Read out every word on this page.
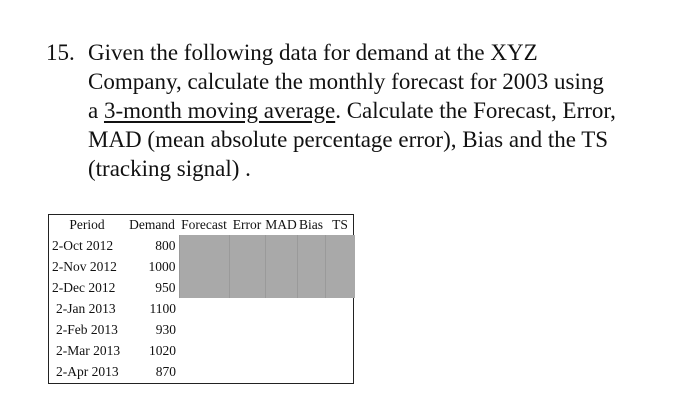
15. Given the following data for demand at the XYZ
Company, calculate the monthly forecast for 2003 using
a 3-month moving average . Calculate the Forecast, Error,
MAD (mean absolute percentage error), Bias and the TS
(tracking signal) .
Period	Demand	Forecast	Error	MAD	Bias	TS
2-Oct 2012	800					
2-Nov 2012	1000					
2-Dec 2012	950					
2-Jan 2013	1100					
2-Feb 2013	930					
2-Mar 2013	1020					
2-Apr 2013	870					
